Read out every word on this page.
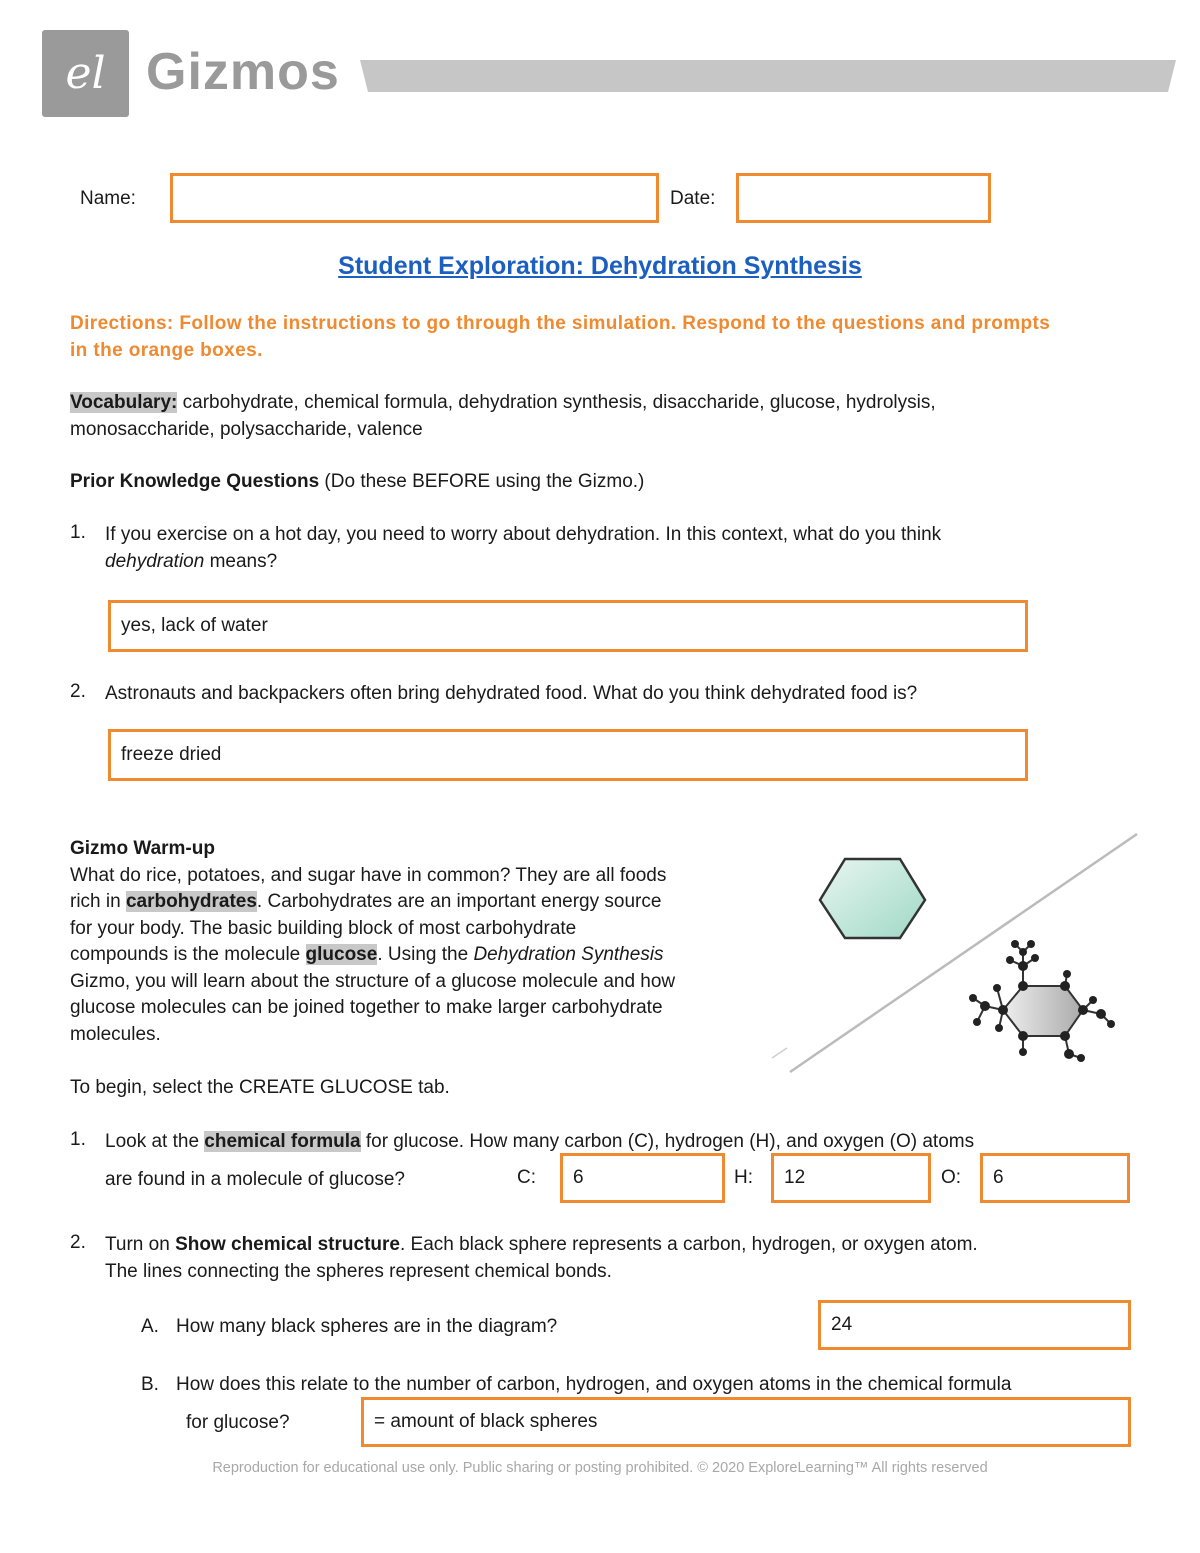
el Gizmos
Name:	Date:
Student Exploration: Dehydration Synthesis
Directions: Follow the instructions to go through the simulation. Respond to the questions and prompts in the orange boxes.
Vocabulary: carbohydrate, chemical formula, dehydration synthesis, disaccharide, glucose, hydrolysis,
monosaccharide, polysaccharide, valence
Prior Knowledge Questions (Do these BEFORE using the Gizmo.)
1. If you exercise on a hot day, you need to worry about dehydration. In this context, what do you think
dehydration means?
yes, lack of water
2. Astronauts and backpackers often bring dehydrated food. What do you think dehydrated food is?
freeze dried
Gizmo Warm-up
What do rice, potatoes, and sugar have in common? They are all foods
rich in carbohydrates. Carbohydrates are an important energy source
for your body. The basic building block of most carbohydrate
compounds is the molecule glucose. Using the Dehydration Synthesis
Gizmo, you will learn about the structure of a glucose molecule and how
glucose molecules can be joined together to make larger carbohydrate
molecules.
To begin, select the CREATE GLUCOSE tab.
1. Look at the chemical formula for glucose. How many carbon (C), hydrogen (H), and oxygen (O) atoms
are found in a molecule of glucose?	C: 6	H: 12	O: 6
2. Turn on Show chemical structure. Each black sphere represents a carbon, hydrogen, or oxygen atom.
The lines connecting the spheres represent chemical bonds.
A. How many black spheres are in the diagram?	24
B. How does this relate to the number of carbon, hydrogen, and oxygen atoms in the chemical formula
for glucose?	= amount of black spheres
Reproduction for educational use only. Public sharing or posting prohibited. © 2020 ExploreLearning™ All rights reserved
